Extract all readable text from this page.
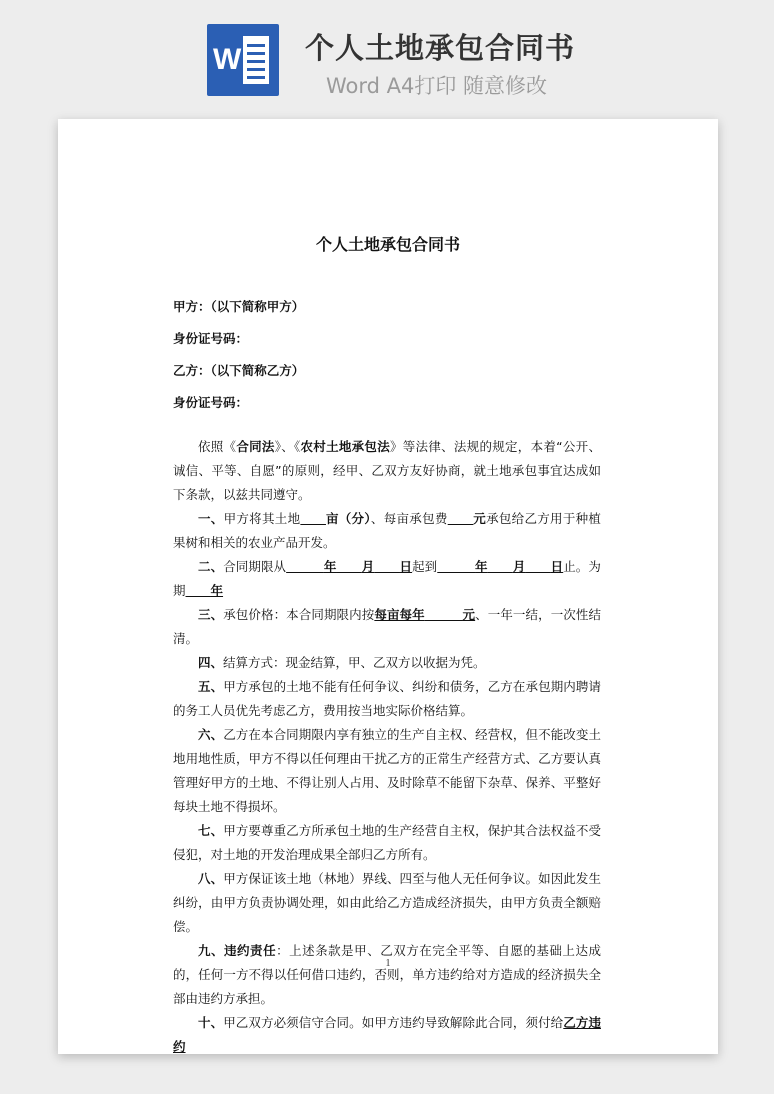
W 个人土地承包合同书
Word A4打印 随意修改
个人土地承包合同书
甲方：（以下简称甲方）
身份证号码：
乙方：（以下简称乙方）
身份证号码：

依照《合同法》、《农村土地承包法》等法律、法规的规定，本着“公开、诚信、平等、自愿”的原则，经甲、乙双方友好协商，就土地承包事宜达成如下条款，以兹共同遵守。

一、甲方将其土地　　 亩（分）、每亩承包费　　 元承包给乙方用于种植果树和相关的农业产品开发。

二、合同期限从　　　	年　　 月　　 日起到　　　	年　　 月　　 日止。为期　　 年

三、承包价格：本合同期限内按每亩每年　　　	元、一年一结，一次性结清。

四、结算方式：现金结算，甲、乙双方以收据为凭。

五、甲方承包的土地不能有任何争议、纠纷和债务，乙方在承包期内聘请的务工人员优先考虑乙方，费用按当地实际价格结算。

六、乙方在本合同期限内享有独立的生产自主权、经营权，但不能改变土地用地性质，甲方不得以任何理由干扰乙方的正常生产经营方式、乙方要认真管理好甲方的土地、不得让别人占用、及时除草不能留下杂草、保养、平整好每块土地不得损坏。

七、甲方要尊重乙方所承包土地的生产经营自主权，保护其合法权益不受侵犯，对土地的开发治理成果全部归乙方所有。

八、甲方保证该土地（林地）界线、四至与他人无任何争议。如因此发生纠纷，由甲方负责协调处理，如由此给乙方造成经济损失，由甲方负责全额赔偿。

九、违约责任：上述条款是甲、乙双方在完全平等、自愿的基础上达成的，任何一方不得以任何借口违约，否则，单方违约给对方造成的经济损失全部由违约方承担。

十、甲乙双方必须信守合同。如甲方违约导致解除此合同，须付给乙方违约

1
